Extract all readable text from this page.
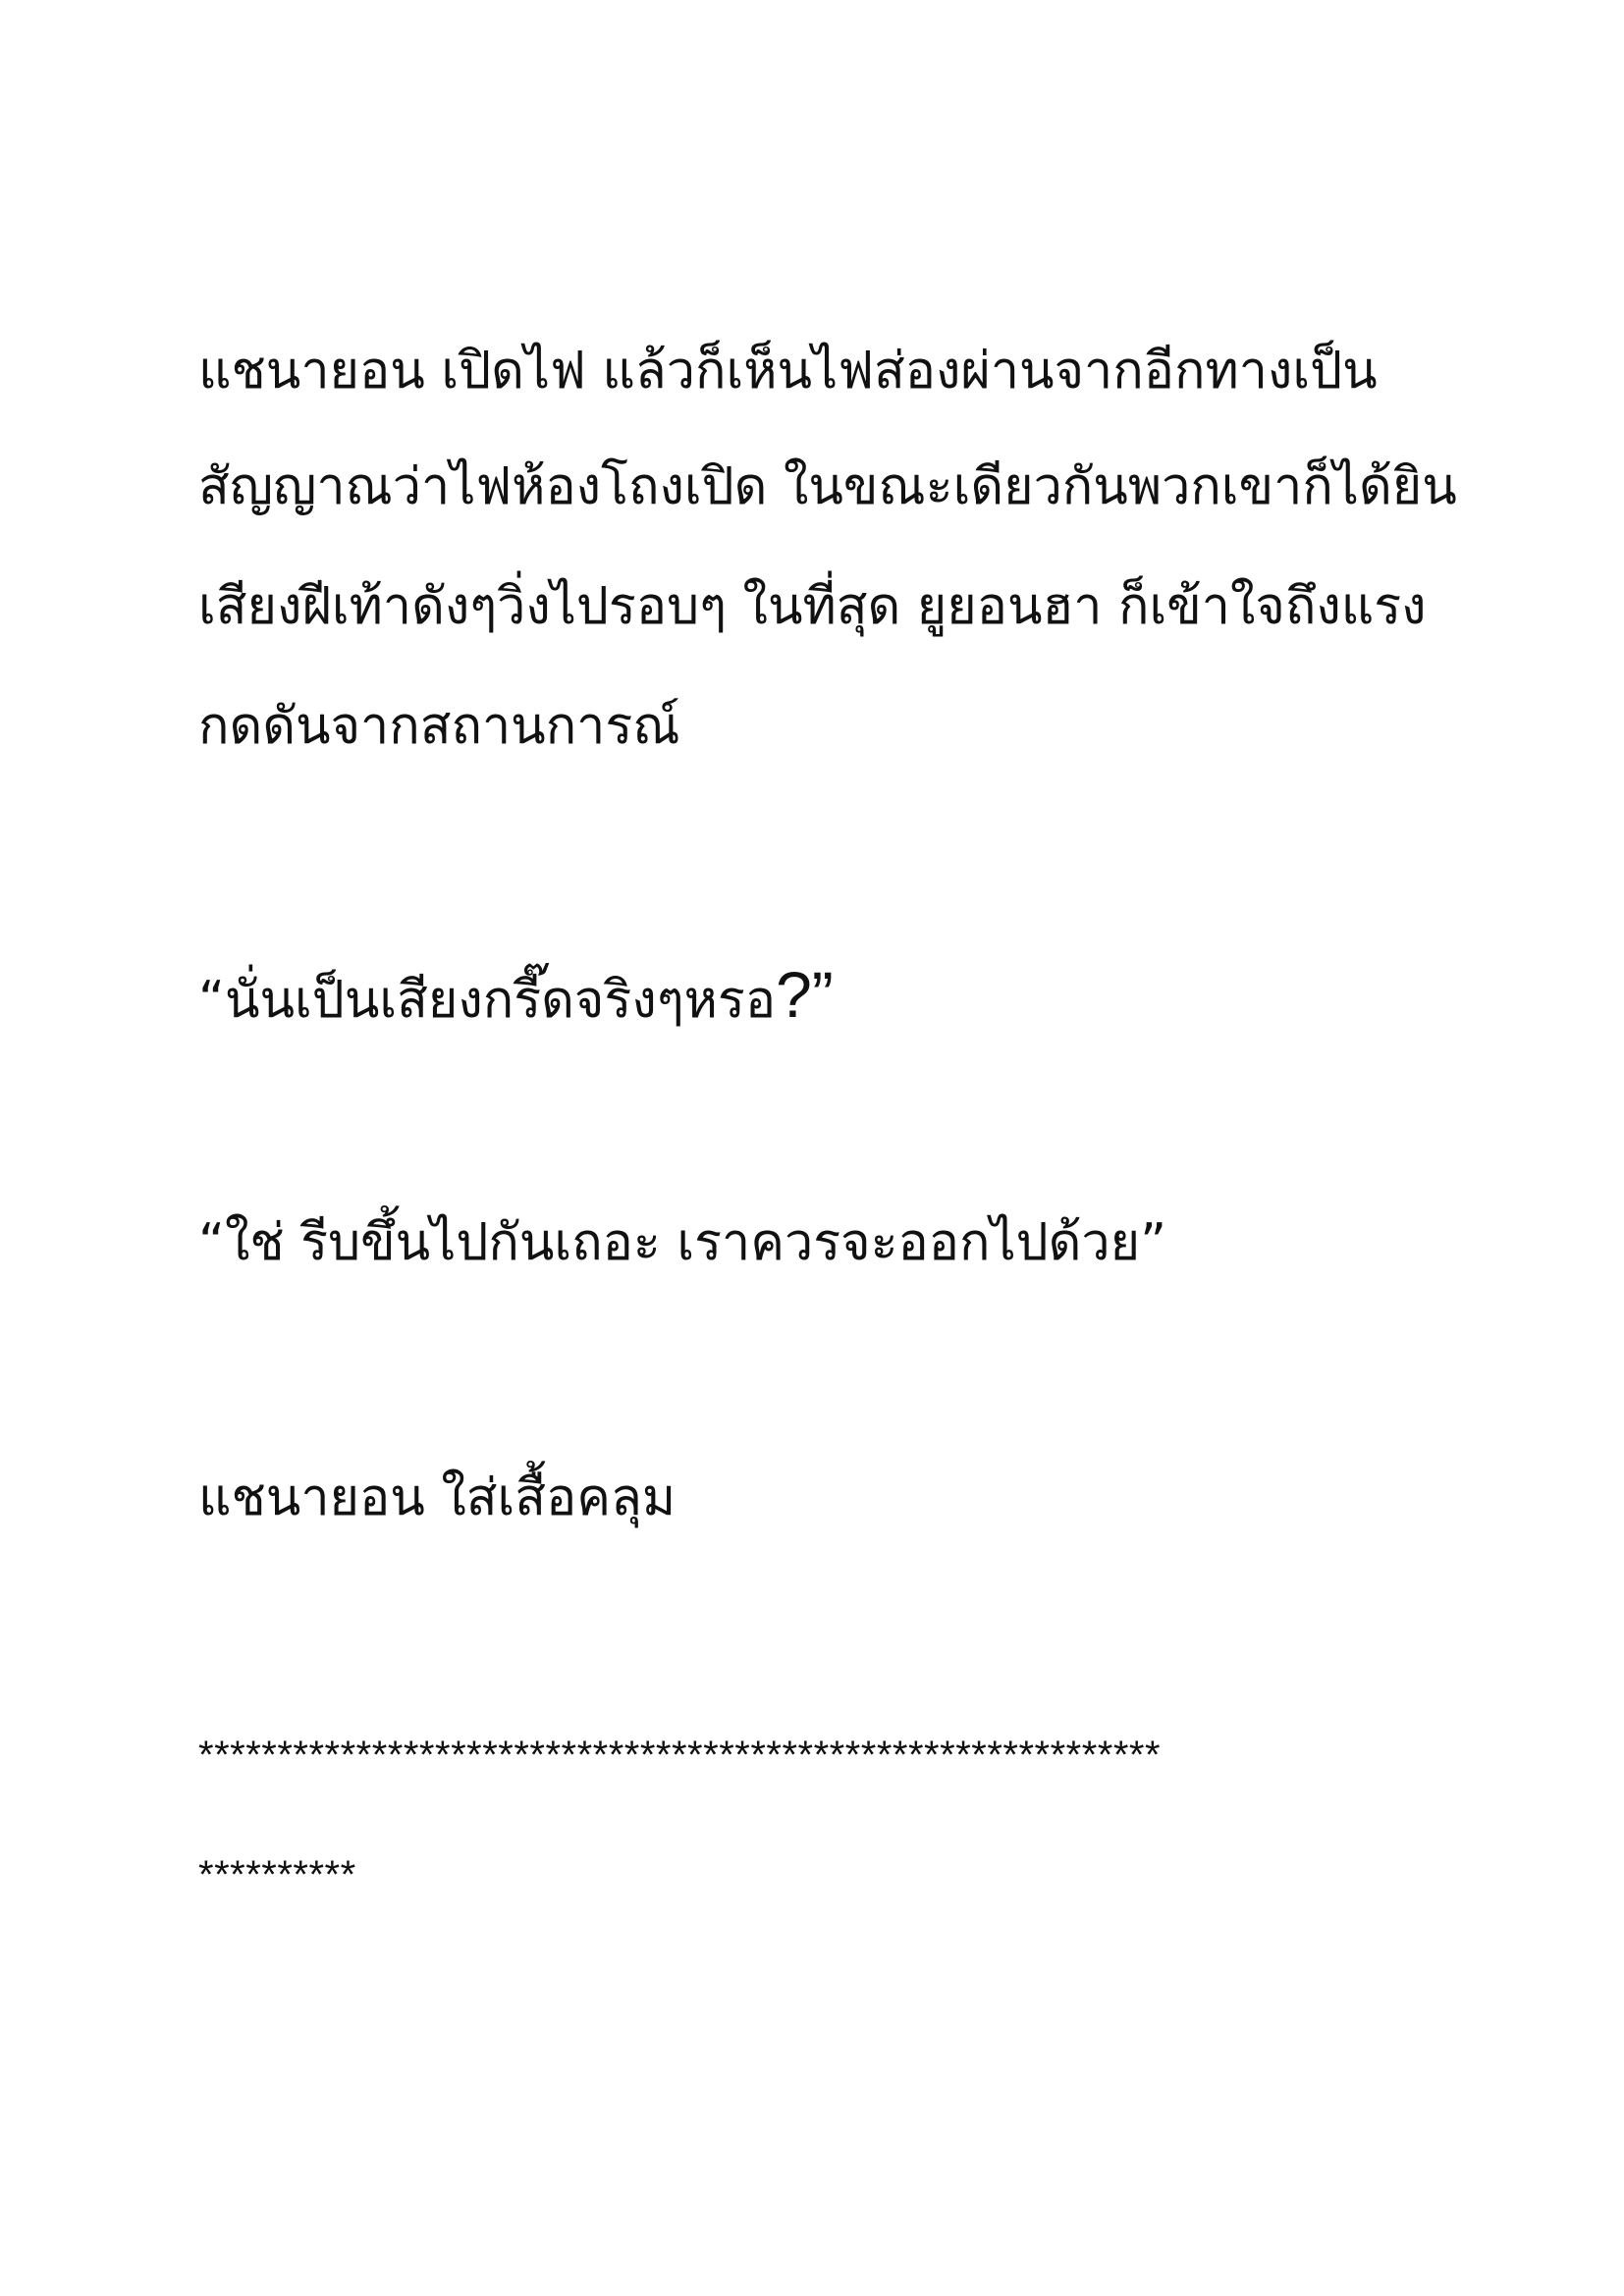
แชนายอน เปิดไฟ แล้วก็เห็นไฟส่องผ่านจากอีกทางเป็น
สัญญาณว่าไฟห้องโถงเปิด ในขณะเดียวกันพวกเขาก็ได้ยิน
เสียงฝีเท้าดังๆวิ่งไปรอบๆ ในที่สุด ยูยอนฮา ก็เข้าใจถึงแรง
กดดันจากสถานการณ์
“นั่นเป็นเสียงกรี๊ดจริงๆหรอ?”
“ใช่ รีบขึ้นไปกันเถอะ เราควรจะออกไปด้วย”
แชนายอน ใส่เสื้อคลุม
*************************************************************
**********
